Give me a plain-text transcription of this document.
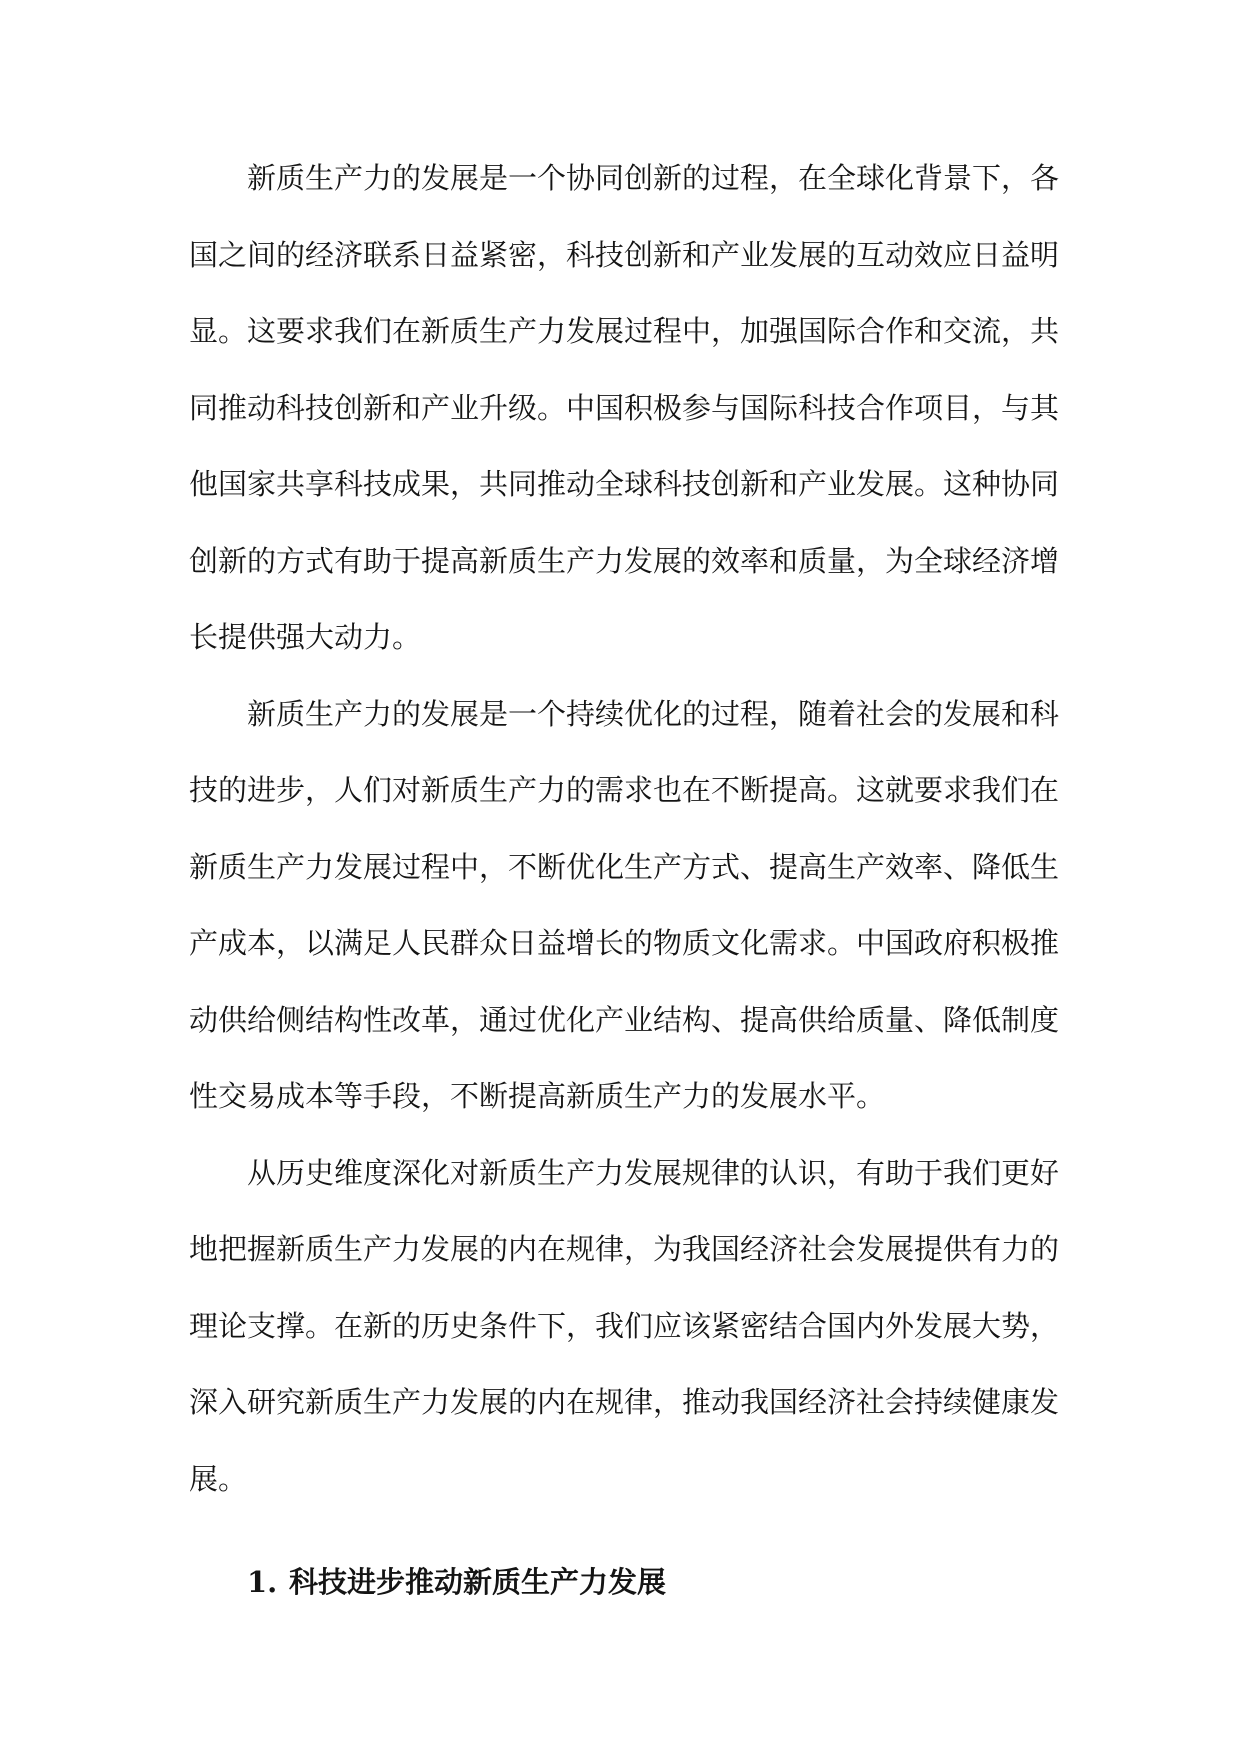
新质生产力的发展是一个协同创新的过程，在全球化背景下，各
国之间的经济联系日益紧密，科技创新和产业发展的互动效应日益明
显。这要求我们在新质生产力发展过程中，加强国际合作和交流，共
同推动科技创新和产业升级。中国积极参与国际科技合作项目，与其
他国家共享科技成果，共同推动全球科技创新和产业发展。这种协同
创新的方式有助于提高新质生产力发展的效率和质量，为全球经济增
长提供强大动力。
新质生产力的发展是一个持续优化的过程，随着社会的发展和科
技的进步，人们对新质生产力的需求也在不断提高。这就要求我们在
新质生产力发展过程中，不断优化生产方式、提高生产效率、降低生
产成本，以满足人民群众日益增长的物质文化需求。中国政府积极推
动供给侧结构性改革，通过优化产业结构、提高供给质量、降低制度
性交易成本等手段，不断提高新质生产力的发展水平。
从历史维度深化对新质生产力发展规律的认识，有助于我们更好
地把握新质生产力发展的内在规律，为我国经济社会发展提供有力的
理论支撑。在新的历史条件下，我们应该紧密结合国内外发展大势，
深入研究新质生产力发展的内在规律，推动我国经济社会持续健康发
展。
1. 科技进步推动新质生产力发展
